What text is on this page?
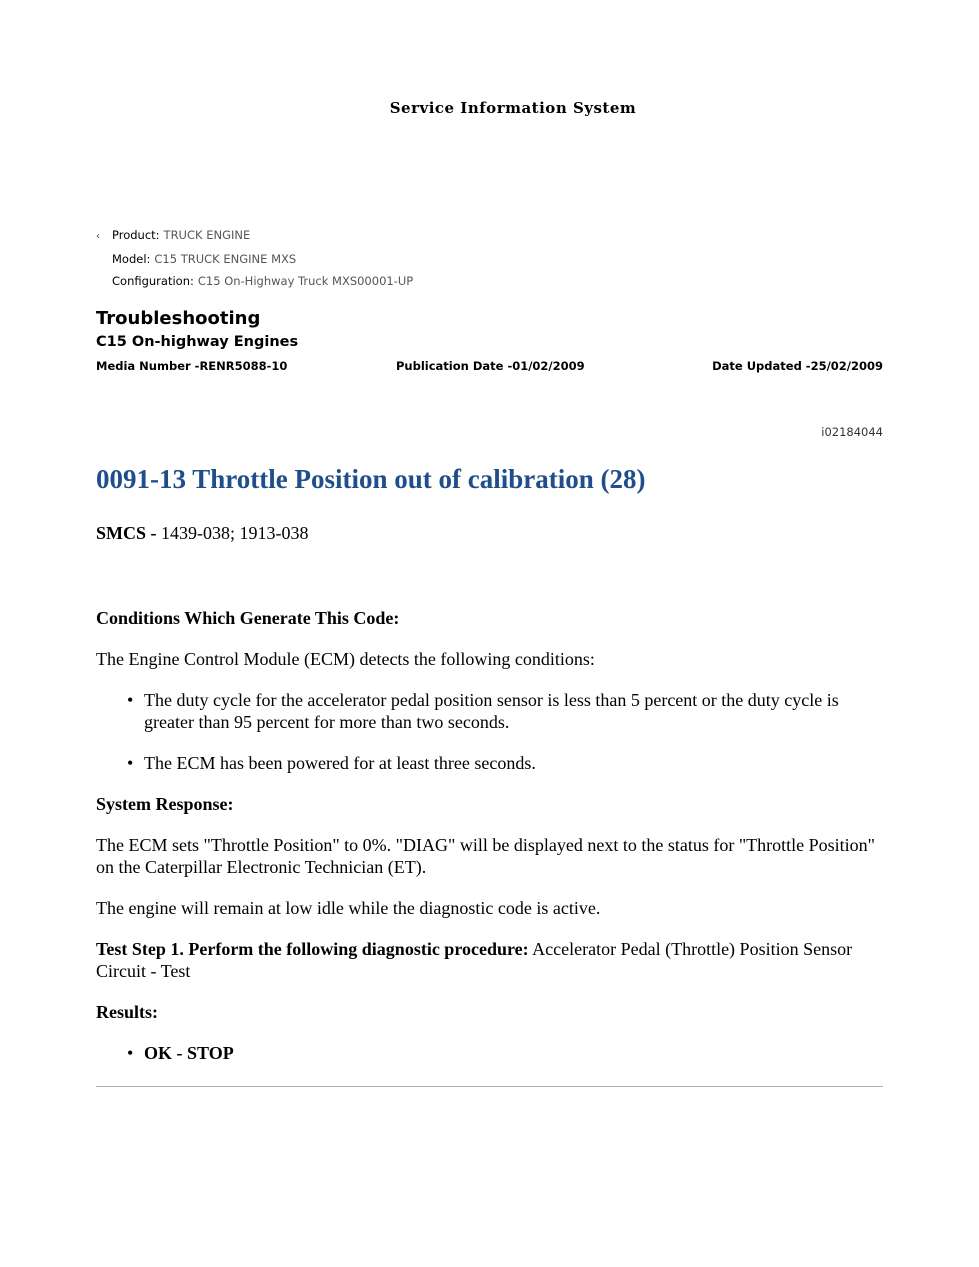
Service Information System
‹ Product: TRUCK ENGINE
Model: C15 TRUCK ENGINE MXS
Configuration: C15 On-Highway Truck MXS00001-UP
Troubleshooting
C15 On-highway Engines
Media Number -RENR5088-10	Publication Date -01/02/2009	Date Updated -25/02/2009
i02184044
0091-13 Throttle Position out of calibration (28)

SMCS - 1439-038; 1913-038

Conditions Which Generate This Code:

The Engine Control Module (ECM) detects the following conditions:

• The duty cycle for the accelerator pedal position sensor is less than 5 percent or the duty cycle is greater than 95 percent for more than two seconds.
• The ECM has been powered for at least three seconds.

System Response:

The ECM sets "Throttle Position" to 0%. "DIAG" will be displayed next to the status for "Throttle Position" on the Caterpillar Electronic Technician (ET).

The engine will remain at low idle while the diagnostic code is active.

Test Step 1. Perform the following diagnostic procedure: Accelerator Pedal (Throttle) Position Sensor Circuit - Test

Results:

• OK - STOP
